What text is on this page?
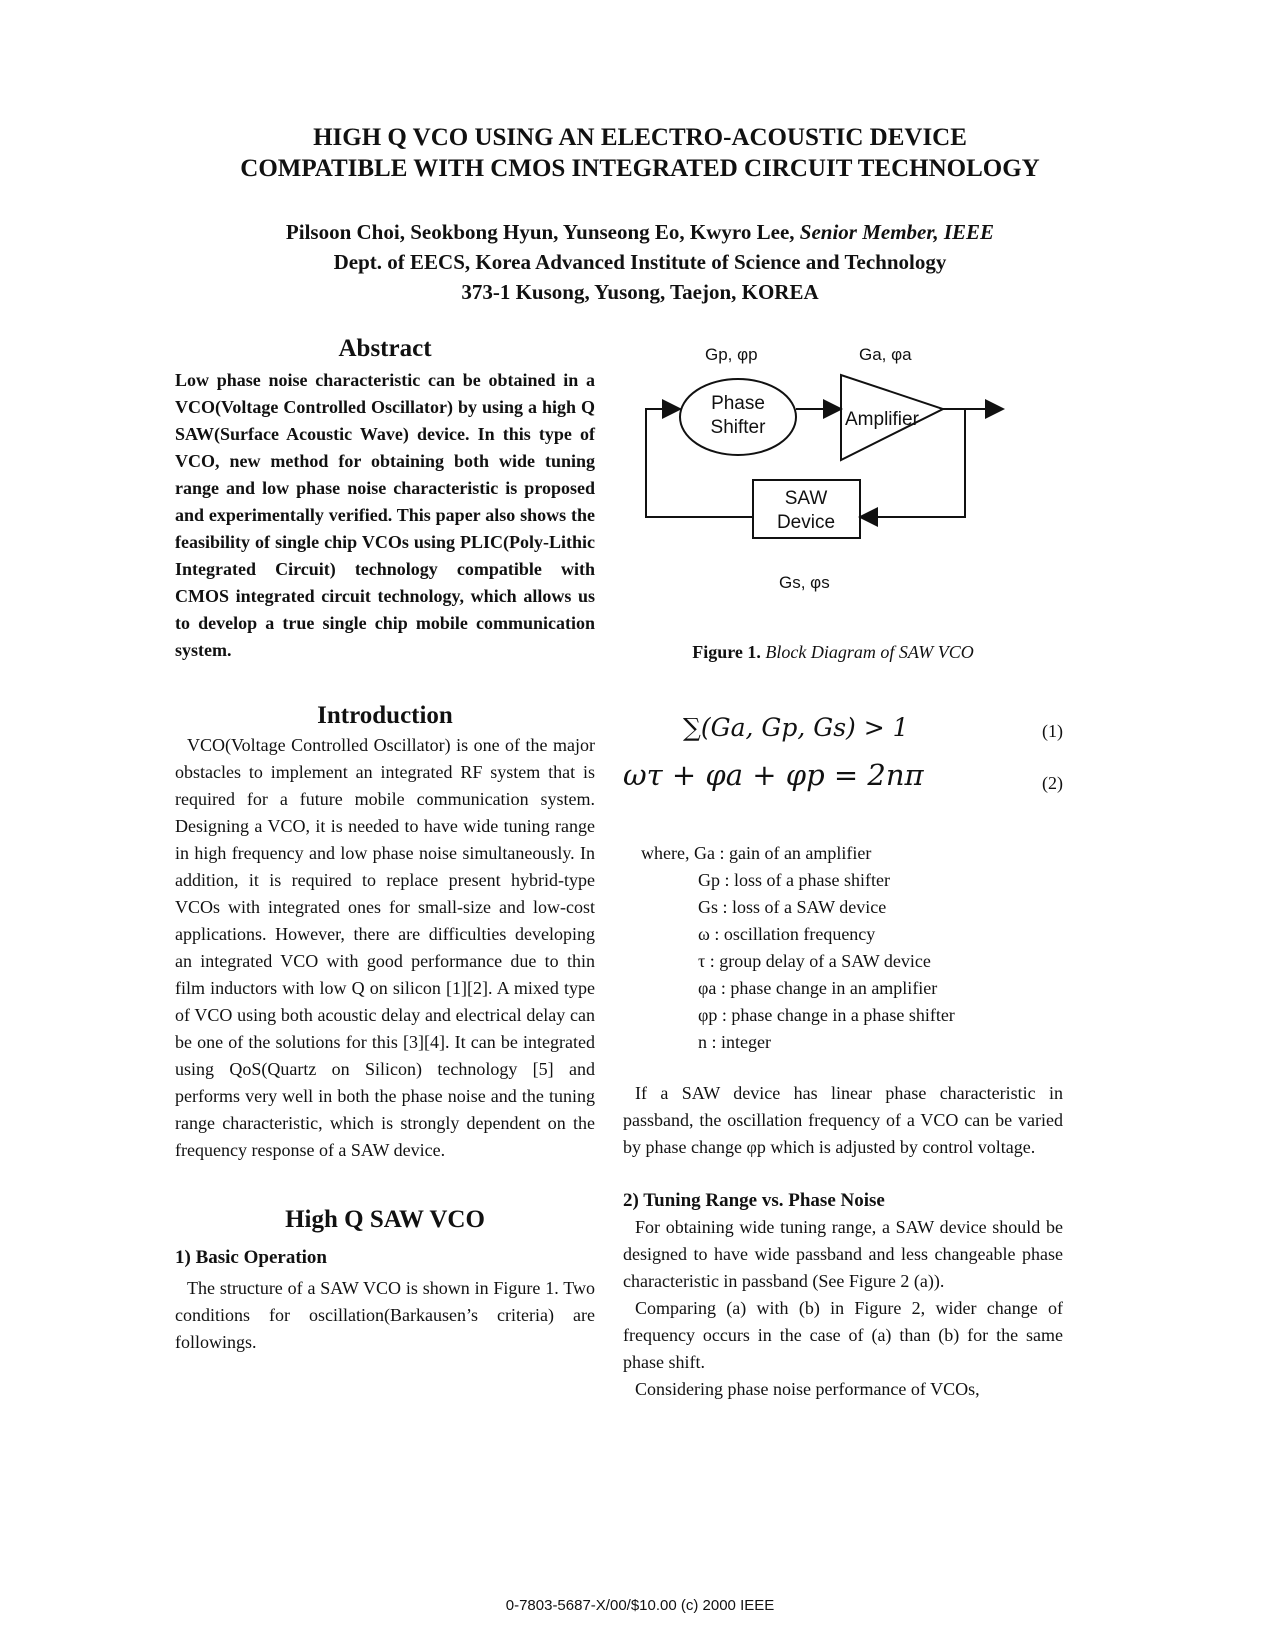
HIGH Q VCO USING AN ELECTRO-ACOUSTIC DEVICE
COMPATIBLE WITH CMOS INTEGRATED CIRCUIT TECHNOLOGY
Pilsoon Choi, Seokbong Hyun, Yunseong Eo, Kwyro Lee, Senior Member, IEEE
Dept. of EECS, Korea Advanced Institute of Science and Technology
373-1 Kusong, Yusong, Taejon, KOREA
Abstract

Low phase noise characteristic can be obtained in a VCO(Voltage Controlled Oscillator) by using a high Q SAW(Surface Acoustic Wave) device. In this type of VCO, new method for obtaining both wide tuning range and low phase noise characteristic is proposed and experimentally verified. This paper also shows the feasibility of single chip VCOs using PLIC(Poly-Lithic Integrated Circuit) technology compatible with CMOS integrated circuit technology, which allows us to develop a true single chip mobile communication system.

Introduction

VCO(Voltage Controlled Oscillator) is one of the major obstacles to implement an integrated RF system that is required for a future mobile communication system. Designing a VCO, it is needed to have wide tuning range in high frequency and low phase noise simultaneously. In addition, it is required to replace present hybrid-type VCOs with integrated ones for small-size and low-cost applications. However, there are difficulties developing an integrated VCO with good performance due to thin film inductors with low Q on silicon [1][2]. A mixed type of VCO using both acoustic delay and electrical delay can be one of the solutions for this [3][4]. It can be integrated using QoS(Quartz on Silicon) technology [5] and performs very well in both the phase noise and the tuning range characteristic, which is strongly dependent on the frequency response of a SAW device.

High Q SAW VCO
1) Basic Operation

The structure of a SAW VCO is shown in Figure 1. Two conditions for oscillation(Barkausen’s criteria) are followings.

Gp, φp	Ga, φa
Gs, φs
Phase
Shifter	Amplifier
SAW
Device
Figure 1. Block Diagram of SAW VCO
∑(Ga, Gp, Gs) > 1	(1)
ωτ + φa + φp = 2nπ	(2)
where, Ga : gain of an amplifier
Gp : loss of a phase shifter
Gs : loss of a SAW device
ω : oscillation frequency
τ : group delay of a SAW device
φa : phase change in an amplifier
φp : phase change in a phase shifter
n : integer

If a SAW device has linear phase characteristic in passband, the oscillation frequency of a VCO can be varied by phase change φp which is adjusted by control voltage.

2) Tuning Range vs. Phase Noise

For obtaining wide tuning range, a SAW device should be designed to have wide passband and less changeable phase characteristic in passband (See Figure 2 (a)).

Comparing (a) with (b) in Figure 2, wider change of frequency occurs in the case of (a) than (b) for the same phase shift.

Considering phase noise performance of VCOs,

0-7803-5687-X/00/$10.00 (c) 2000 IEEE
